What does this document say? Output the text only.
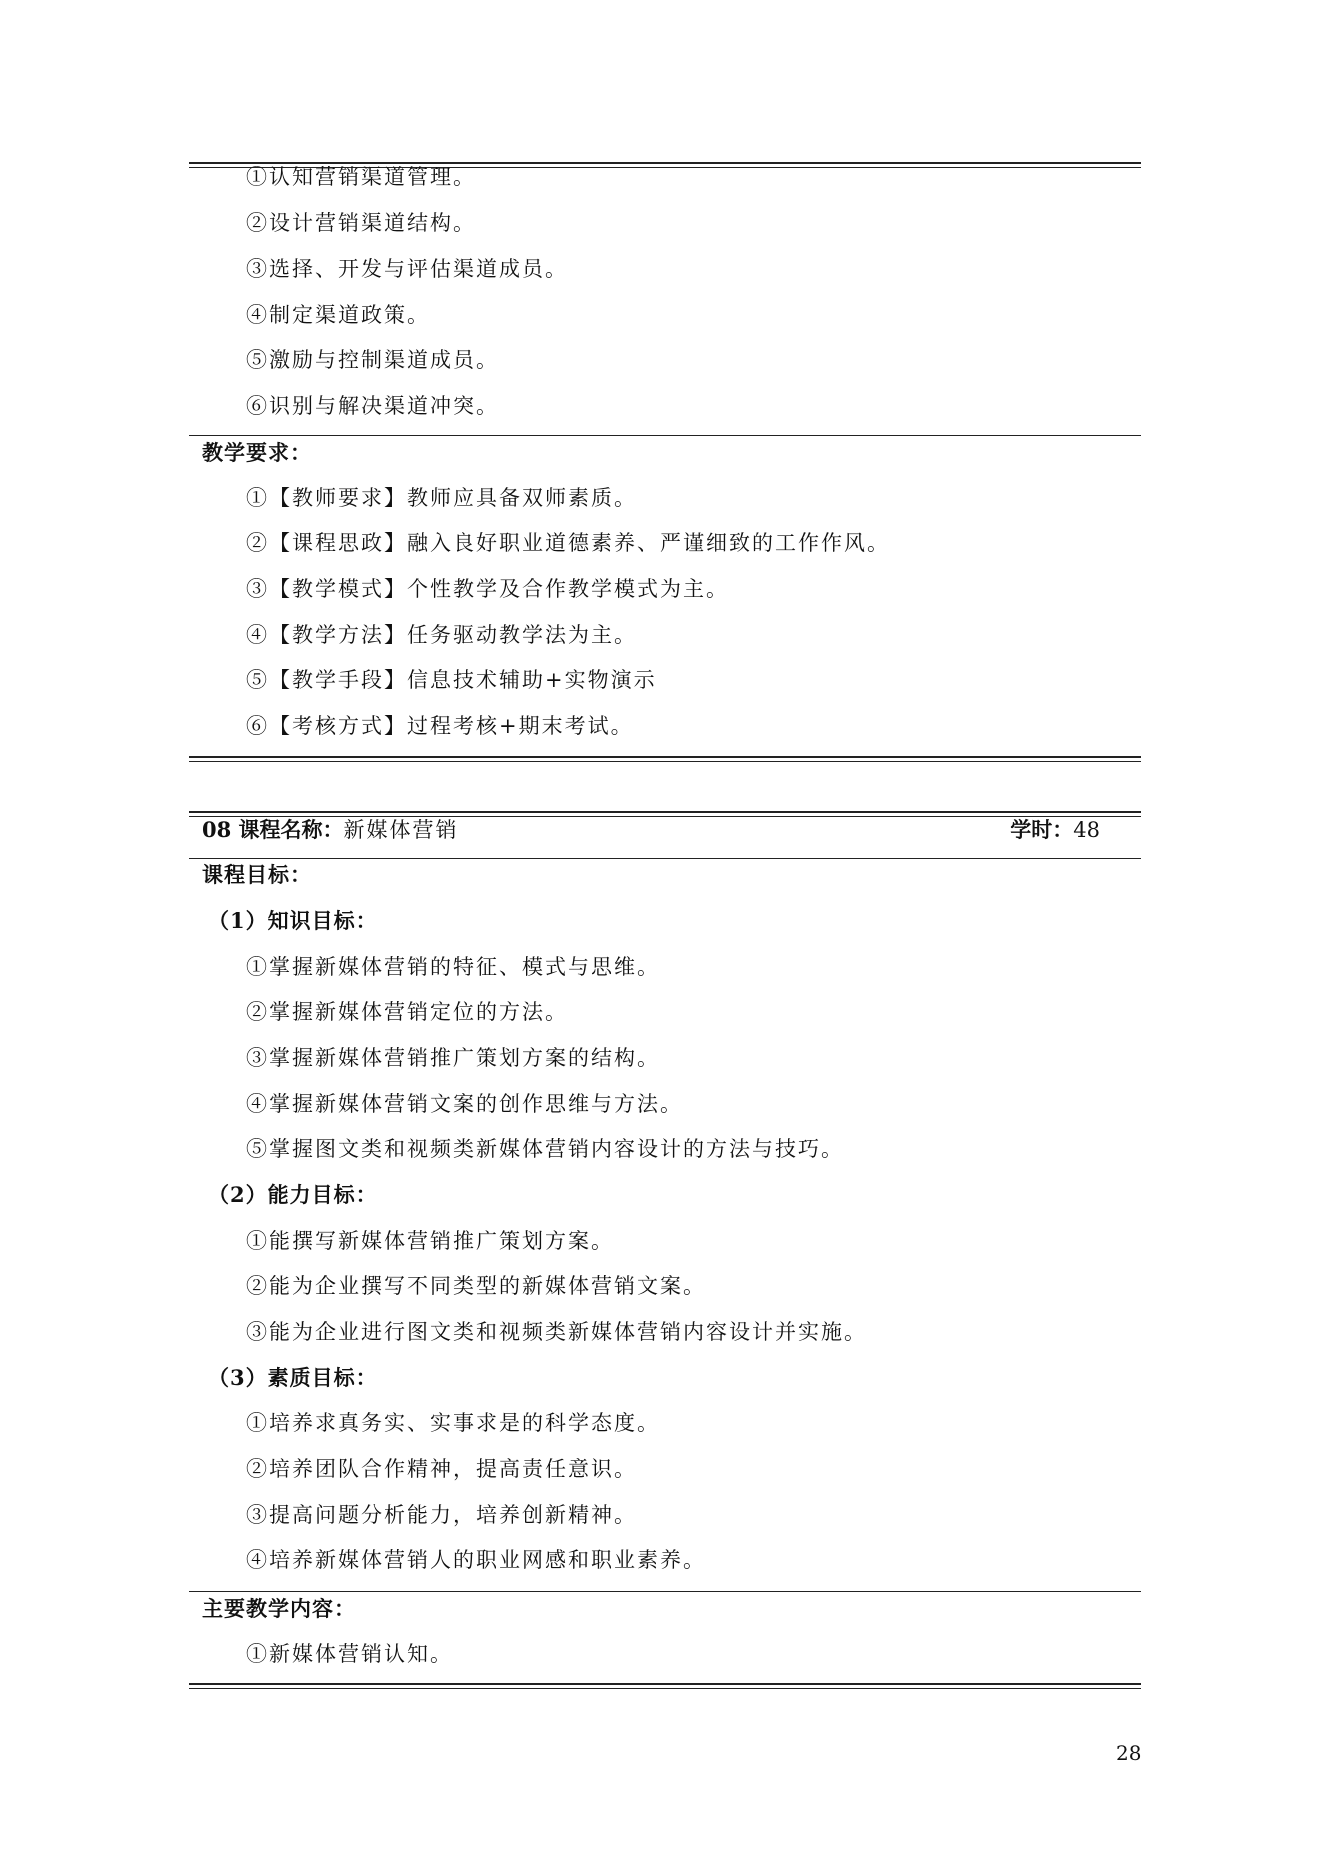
①认知营销渠道管理。
②设计营销渠道结构。
③选择、开发与评估渠道成员。
④制定渠道政策。
⑤激励与控制渠道成员。
⑥识别与解决渠道冲突。
教学要求：
①【教师要求】教师应具备双师素质。
②【课程思政】融入良好职业道德素养、严谨细致的工作作风。
③【教学模式】个性教学及合作教学模式为主。
④【教学方法】任务驱动教学法为主。
⑤【教学手段】信息技术辅助+实物演示
⑥【考核方式】过程考核+期末考试。
08 课程名称：新媒体营销	学时：48
课程目标：
（1）知识目标：
①掌握新媒体营销的特征、模式与思维。
②掌握新媒体营销定位的方法。
③掌握新媒体营销推广策划方案的结构。
④掌握新媒体营销文案的创作思维与方法。
⑤掌握图文类和视频类新媒体营销内容设计的方法与技巧。
（2）能力目标：
①能撰写新媒体营销推广策划方案。
②能为企业撰写不同类型的新媒体营销文案。
③能为企业进行图文类和视频类新媒体营销内容设计并实施。
（3）素质目标：
①培养求真务实、实事求是的科学态度。
②培养团队合作精神，提高责任意识。
③提高问题分析能力，培养创新精神。
④培养新媒体营销人的职业网感和职业素养。
主要教学内容：
①新媒体营销认知。
28
